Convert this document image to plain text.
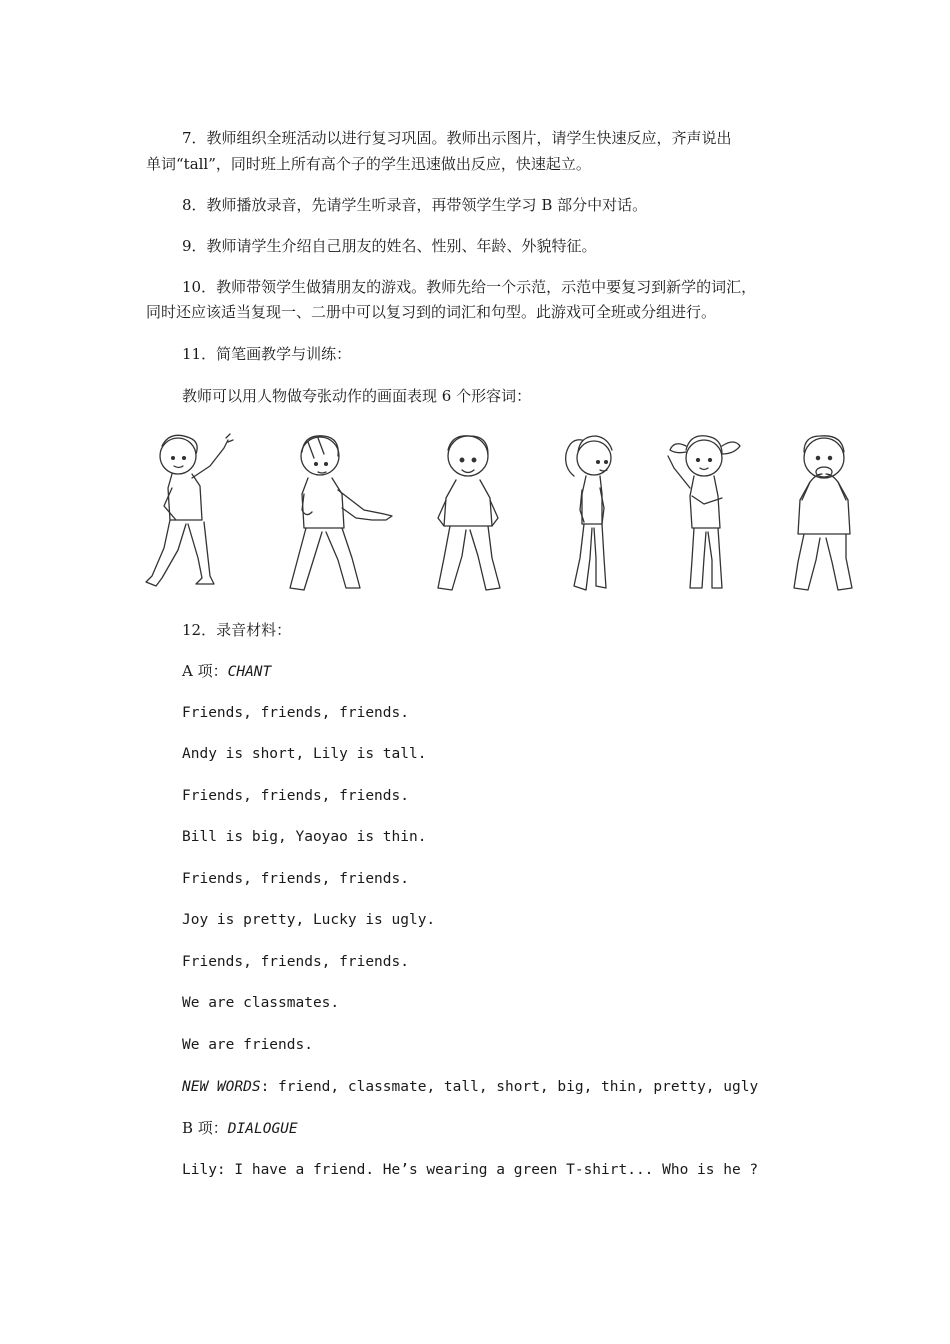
7．教师组织全班活动以进行复习巩固。教师出示图片，请学生快速反应，齐声说出
单词“tall”，同时班上所有高个子的学生迅速做出反应，快速起立。
8．教师播放录音，先请学生听录音，再带领学生学习 B 部分中对话。
9．教师请学生介绍自己朋友的姓名、性别、年龄、外貌特征。
10．教师带领学生做猜朋友的游戏。教师先给一个示范，示范中要复习到新学的词汇，
同时还应该适当复现一、二册中可以复习到的词汇和句型。此游戏可全班或分组进行。
11．简笔画教学与训练：
教师可以用人物做夸张动作的画面表现 6 个形容词：
12．录音材料：
A 项：CHANT
Friends, friends, friends.
Andy is short, Lily is tall.
Friends, friends, friends.
Bill is big, Yaoyao is thin.
Friends, friends, friends.
Joy is pretty, Lucky is ugly.
Friends, friends, friends.
We are classmates.
We are friends.
NEW WORDS: friend, classmate, tall, short, big, thin, pretty, ugly
B 项：DIALOGUE
Lily: I have a friend. He’s wearing a green T-shirt... Who is he ?
